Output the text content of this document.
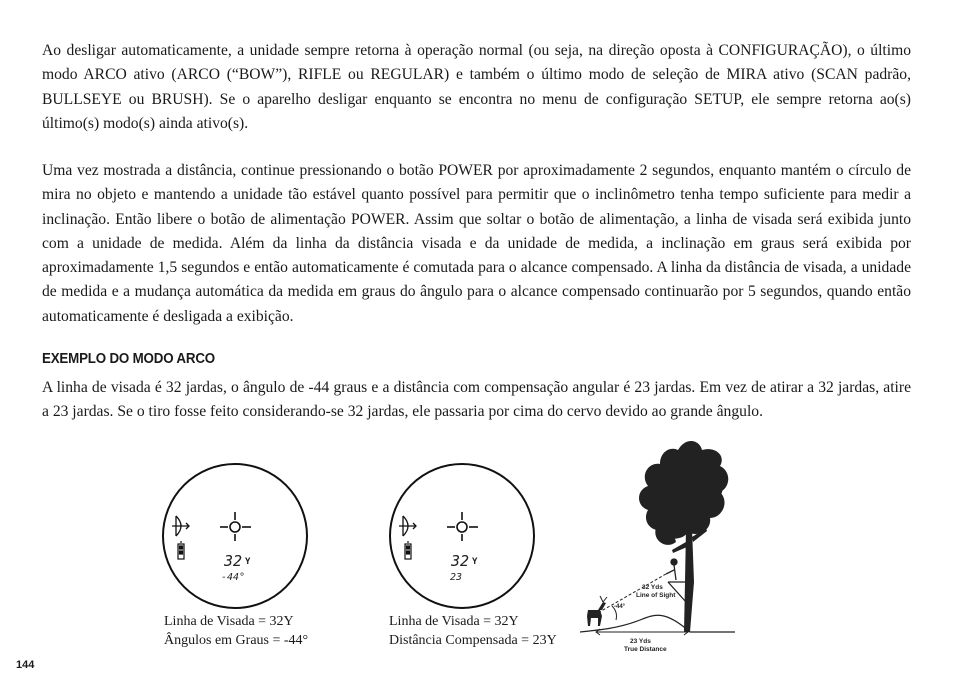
Ao desligar automaticamente, a unidade sempre retorna à operação normal (ou seja, na direção oposta à CONFIGURAÇÃO), o último modo ARCO ativo (ARCO (“BOW”), RIFLE ou REGULAR) e também o último modo de seleção de MIRA ativo (SCAN padrão, BULLSEYE ou BRUSH). Se o aparelho desligar enquanto se encontra no menu de configuração SETUP, ele sempre retorna ao(s) último(s) modo(s) ainda ativo(s).

Uma vez mostrada a distância, continue pressionando o botão POWER por aproximadamente 2 segundos, enquanto mantém o círculo de mira no objeto e mantendo a unidade tão estável quanto possível para permitir que o inclinômetro tenha tempo suficiente para medir a inclinação. Então libere o botão de alimentação POWER. Assim que soltar o botão de alimentação, a linha de visada será exibida junto com a unidade de medida. Além da linha da distância visada e da unidade de medida, a inclinação em graus será exibida por aproximadamente 1,5 segundos e então automaticamente é comutada para o alcance compensado. A linha da distância de visada, a unidade de medida e a mudança automática da medida em graus do ângulo para o alcance compensado continuarão por 5 segundos, quando então automaticamente é desligada a exibição.

EXEMPLO DO MODO ARCO

A linha de visada é 32 jardas, o ângulo de -44 graus e a distância com compensação angular é 23 jardas. Em vez de atirar a 32 jardas, atire a 23 jardas. Se o tiro fosse feito considerando-se 32 jardas, ele passaria por cima do cervo devido ao grande ângulo.

32 Y
-44°
32 Y
23
Linha de Visada = 32Y
Ângulos em Graus = -44°
Linha de Visada = 32Y
Distância Compensada = 23Y
32 Yds
Line of Sight
-44°
23 Yds
True Distance
144
